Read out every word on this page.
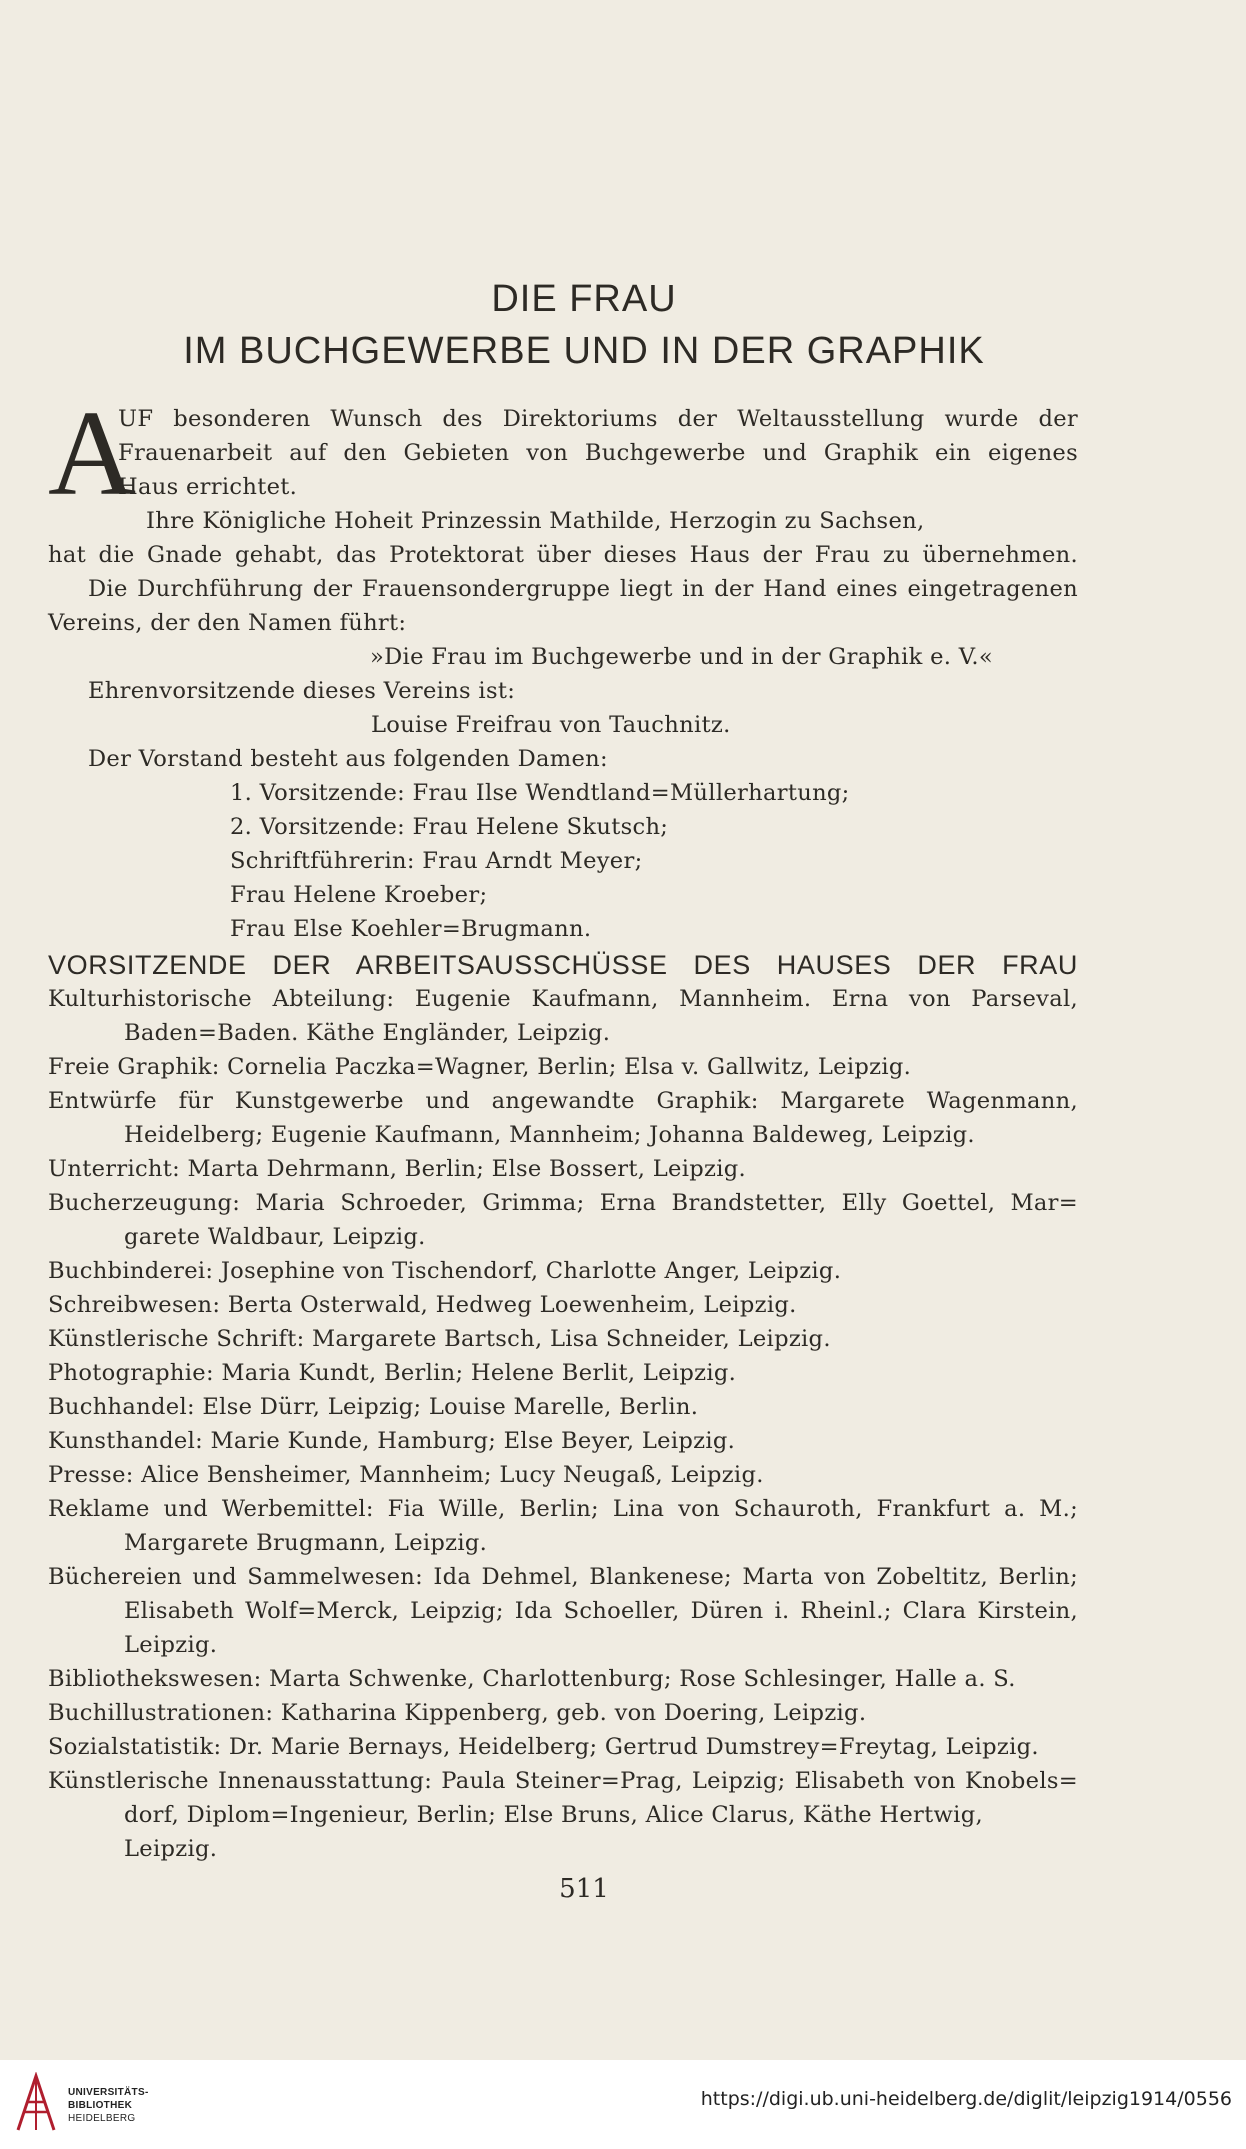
DIE FRAU
IM BUCHGEWERBE UND IN DER GRAPHIK
A
UF besonderen Wunsch des Direktoriums der Weltausstellung wurde der
Frauenarbeit auf den Gebieten von Buchgewerbe und Graphik ein eigenes
Haus errichtet.
Ihre Königliche Hoheit Prinzessin Mathilde, Herzogin zu Sachsen,
hat die Gnade gehabt, das Protektorat über dieses Haus der Frau zu übernehmen.
Die Durchführung der Frauensondergruppe liegt in der Hand eines eingetragenen
Vereins, der den Namen führt:
»Die Frau im Buchgewerbe und in der Graphik e. V.«
Ehrenvorsitzende dieses Vereins ist:
Louise Freifrau von Tauchnitz.
Der Vorstand besteht aus folgenden Damen:
1. Vorsitzende: Frau Ilse Wendtland=Müllerhartung;
2. Vorsitzende: Frau Helene Skutsch;
Schriftführerin: Frau Arndt Meyer;
Frau Helene Kroeber;
Frau Else Koehler=Brugmann.
VORSITZENDE DER ARBEITSAUSSCHÜSSE DES HAUSES DER FRAU
Kulturhistorische Abteilung: Eugenie Kaufmann, Mannheim. Erna von Parseval,
Baden=Baden. Käthe Engländer, Leipzig.
Freie Graphik: Cornelia Paczka=Wagner, Berlin; Elsa v. Gallwitz, Leipzig.
Entwürfe für Kunstgewerbe und angewandte Graphik: Margarete Wagenmann,
Heidelberg; Eugenie Kaufmann, Mannheim; Johanna Baldeweg, Leipzig.
Unterricht: Marta Dehrmann, Berlin; Else Bossert, Leipzig.
Bucherzeugung: Maria Schroeder, Grimma; Erna Brandstetter, Elly Goettel, Mar=
garete Waldbaur, Leipzig.
Buchbinderei: Josephine von Tischendorf, Charlotte Anger, Leipzig.
Schreibwesen: Berta Osterwald, Hedweg Loewenheim, Leipzig.
Künstlerische Schrift: Margarete Bartsch, Lisa Schneider, Leipzig.
Photographie: Maria Kundt, Berlin; Helene Berlit, Leipzig.
Buchhandel: Else Dürr, Leipzig; Louise Marelle, Berlin.
Kunsthandel: Marie Kunde, Hamburg; Else Beyer, Leipzig.
Presse: Alice Bensheimer, Mannheim; Lucy Neugaß, Leipzig.
Reklame und Werbemittel: Fia Wille, Berlin; Lina von Schauroth, Frankfurt a. M.;
Margarete Brugmann, Leipzig.
Büchereien und Sammelwesen: Ida Dehmel, Blankenese; Marta von Zobeltitz, Berlin;
Elisabeth Wolf=Merck, Leipzig; Ida Schoeller, Düren i. Rheinl.; Clara Kirstein,
Leipzig.
Bibliothekswesen: Marta Schwenke, Charlottenburg; Rose Schlesinger, Halle a. S.
Buchillustrationen: Katharina Kippenberg, geb. von Doering, Leipzig.
Sozialstatistik: Dr. Marie Bernays, Heidelberg; Gertrud Dumstrey=Freytag, Leipzig.
Künstlerische Innenausstattung: Paula Steiner=Prag, Leipzig; Elisabeth von Knobels=
dorf, Diplom=Ingenieur, Berlin; Else Bruns, Alice Clarus, Käthe Hertwig, Leipzig.
511
UNIVERSITÄTS-
BIBLIOTHEK
HEIDELBERG
https://digi.ub.uni-heidelberg.de/diglit/leipzig1914/0556
